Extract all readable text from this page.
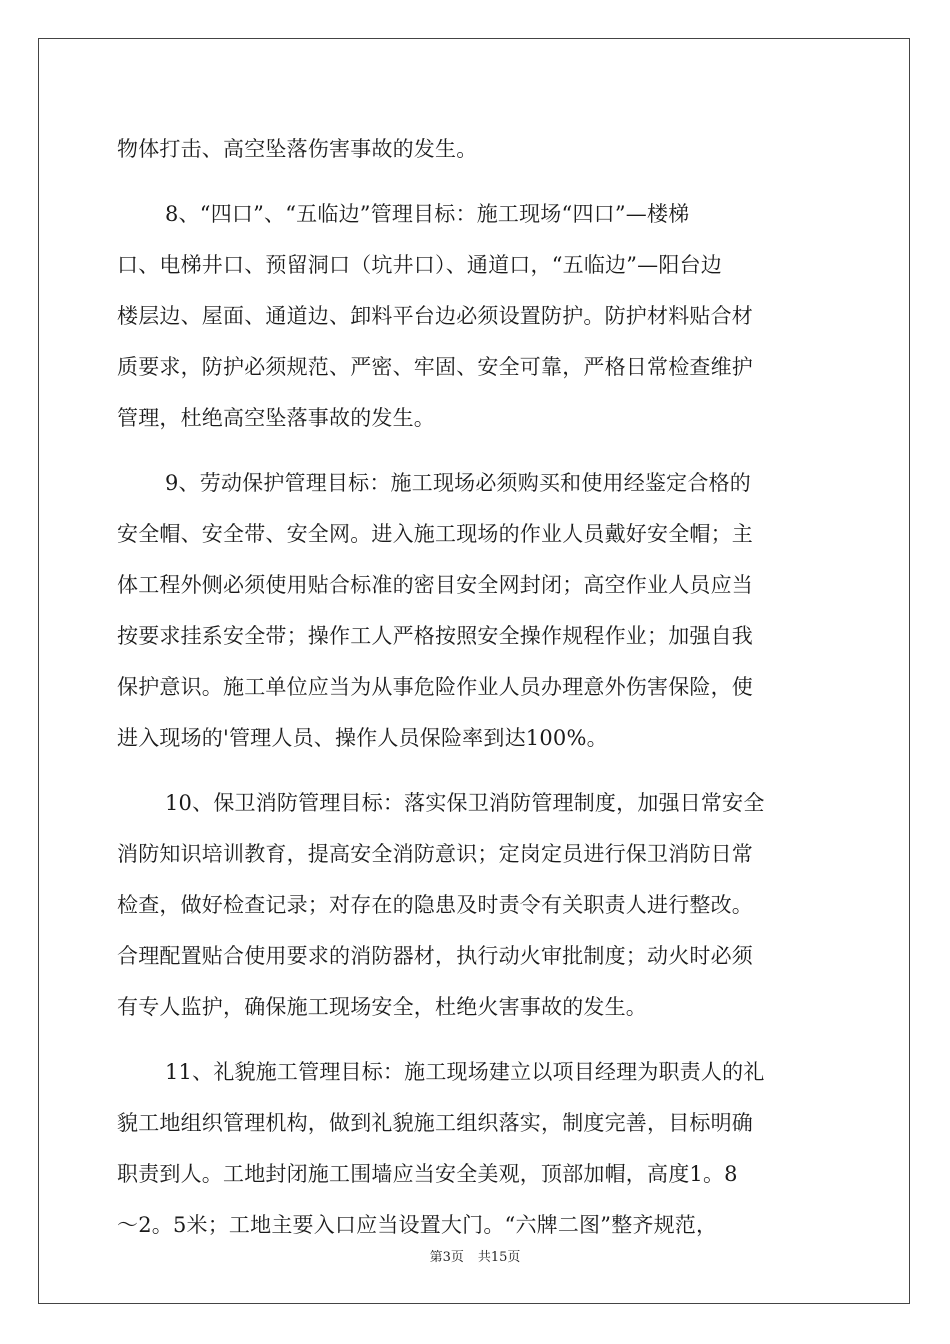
物体打击、高空坠落伤害事故的发生。
8、“四口”、“五临边”管理目标：施工现场“四口”—楼梯
口、电梯井口、预留洞口（坑井口）、通道口，“五临边”—阳台边
楼层边、屋面、通道边、卸料平台边必须设置防护。防护材料贴合材
质要求，防护必须规范、严密、牢固、安全可靠，严格日常检查维护
管理，杜绝高空坠落事故的发生。
9、劳动保护管理目标：施工现场必须购买和使用经鉴定合格的
安全帽、安全带、安全网。进入施工现场的作业人员戴好安全帽；主
体工程外侧必须使用贴合标准的密目安全网封闭；高空作业人员应当
按要求挂系安全带；操作工人严格按照安全操作规程作业；加强自我
保护意识。施工单位应当为从事危险作业人员办理意外伤害保险，使
进入现场的'管理人员、操作人员保险率到达100%。
10、保卫消防管理目标：落实保卫消防管理制度，加强日常安全
消防知识培训教育，提高安全消防意识；定岗定员进行保卫消防日常
检查，做好检查记录；对存在的隐患及时责令有关职责人进行整改。
合理配置贴合使用要求的消防器材，执行动火审批制度；动火时必须
有专人监护，确保施工现场安全，杜绝火害事故的发生。
11、礼貌施工管理目标：施工现场建立以项目经理为职责人的礼
貌工地组织管理机构，做到礼貌施工组织落实，制度完善，目标明确
职责到人。工地封闭施工围墙应当安全美观，顶部加帽，高度1。8
～2。5米；工地主要入口应当设置大门。“六牌二图”整齐规范，
第3页 共15页
